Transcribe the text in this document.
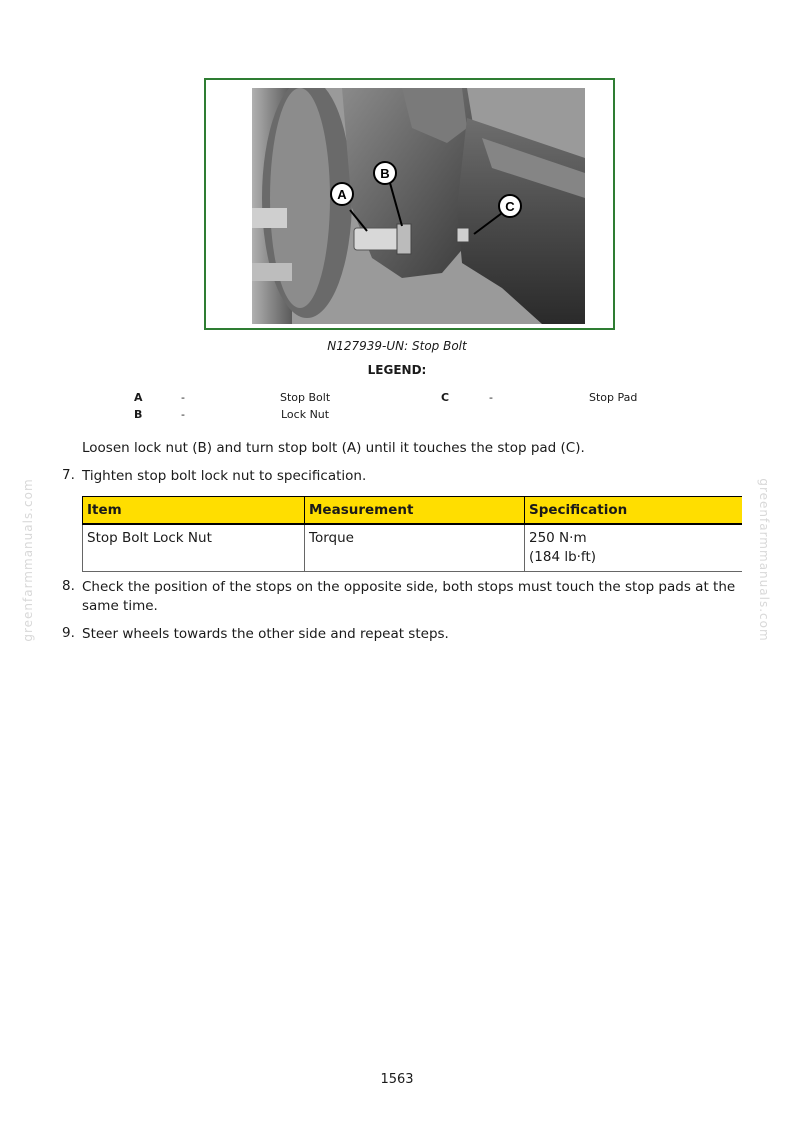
A
B
C
N127939-UN: Stop Bolt
LEGEND:
A	-	Stop Bolt
B	-	Lock Nut
C	-	Stop Pad
Loosen lock nut (B) and turn stop bolt (A) until it touches the stop pad (C).
7. Tighten stop bolt lock nut to specification.
Item	Measurement	Specification
Stop Bolt Lock Nut	Torque	250 N·m
(184 lb·ft)
8. Check the position of the stops on the opposite side, both stops must touch the stop pads at the same time.
9. Steer wheels towards the other side and repeat steps.
greenfarmmanuals.com	greenfarmmanuals.com
1563
